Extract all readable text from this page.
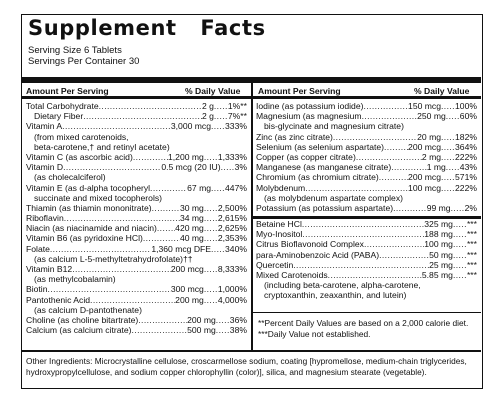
Supplement   Facts
Serving Size 6 Tablets
Servings Per Container 30
Amount Per Serving	% Daily Value Amount Per Serving	% Daily Value
Total Carbohydrate .....	2 g ..... 1%**
Dietary Fiber .....	2 g ..... 7%**
Vitamin A .....	3,000 mcg ..... 333%
(from mixed carotenoids,
beta-carotene,† and retinyl acetate)
Vitamin C (as ascorbic acid) .....	1,200 mg ..... 1,333%
Vitamin D .....	0.5 mcg (20 IU) ..... 3%
(as cholecalciferol)
Vitamin E (as d-alpha tocopheryl .....	67 mg ..... 447%
succinate and mixed tocopherols)
Thiamin (as thiamin mononitrate) .....	30 mg ..... 2,500%
Riboflavin .....	34 mg ..... 2,615%
Niacin (as niacinamide and niacin) ..... 420 mg ..... 2,625%
Vitamin B6 (as pyridoxine HCl) .....	40 mg ..... 2,353%
Folate .....	1,360 mcg DFE ..... 340%
(as calcium L-5-methyltetrahydrofolate)††
Vitamin B12 .....	200 mcg ..... 8,333%
(as methylcobalamin)
Biotin .....	300 mcg ..... 1,000%
Pantothenic Acid .....	200 mg ..... 4,000%
(as calcium D-pantothenate)
Choline (as choline bitartrate) .....	200 mg ..... 36%
Calcium (as calcium citrate) .....	500 mg ..... 38%
Iodine (as potassium iodide) .....	150 mcg ..... 100%
Magnesium (as magnesium .....	250 mg ..... 60%
bis-glycinate and magnesium citrate)
Zinc (as zinc citrate) .....	20 mg ..... 182%
Selenium (as selenium aspartate) .....	200 mcg ..... 364%
Copper (as copper citrate) .....	2 mg ..... 222%
Manganese (as manganese citrate) .....	1 mg ..... 43%
Chromium (as chromium citrate) .....	200 mcg ..... 571%
Molybdenum .....	100 mcg ..... 222%
(as molybdenum aspartate complex)
Potassium (as potassium aspartate) .....	99 mg ..... 2%
Betaine HCl .....	325 mg ..... ***
Myo-Inositol .....	188 mg ..... ***
Citrus Bioflavonoid Complex .....	100 mg ..... ***
para-Aminobenzoic Acid (PABA) .....	50 mg ..... ***
Quercetin .....	25 mg ..... ***
Mixed Carotenoids .....	5.85 mg ..... ***
(including beta-carotene, alpha-carotene,
cryptoxanthin, zeaxanthin, and lutein)
**Percent Daily Values are based on a 2,000 calorie diet.
***Daily Value not established.
Other Ingredients: Microcrystalline cellulose, croscarmellose sodium, coating [hypromellose, medium-chain triglycerides, hydroxypropylcellulose, and sodium copper chlorophyllin (color)], silica, and magnesium stearate (vegetable).
